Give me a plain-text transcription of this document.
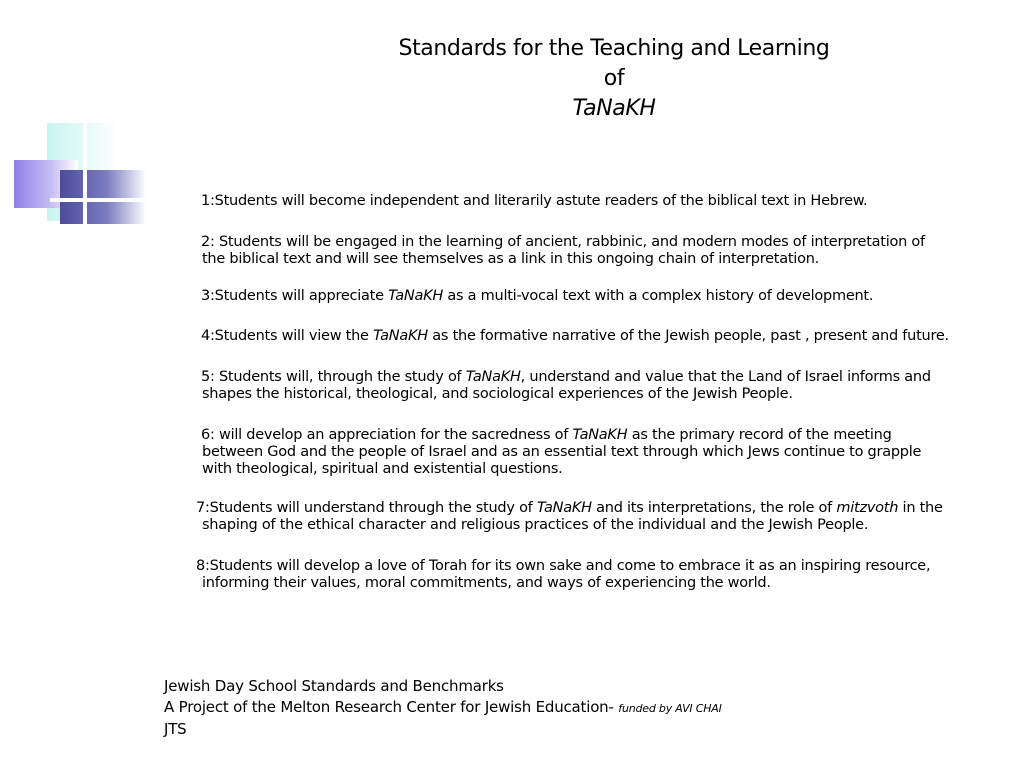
Standards for the Teaching and Learning
of
TaNaKH
1:Students will become independent and literarily astute readers of the biblical text in Hebrew.
2: Students will be engaged in the learning of ancient, rabbinic, and modern modes of interpretation of
the biblical text and will see themselves as a link in this ongoing chain of interpretation.
3:Students will appreciate TaNaKH as a multi-vocal text with a complex history of development.
4:Students will view the TaNaKH as the formative narrative of the Jewish people, past , present and future.
5: Students will, through the study of TaNaKH, understand and value that the Land of Israel informs and
shapes the historical, theological, and sociological experiences of the Jewish People.
6: will develop an appreciation for the sacredness of TaNaKH as the primary record of the meeting
between God and the people of Israel and as an essential text through which Jews continue to grapple
with theological, spiritual and existential questions.
7:Students will understand through the study of TaNaKH and its interpretations, the role of mitzvoth in the
shaping of the ethical character and religious practices of the individual and the Jewish People.
8:Students will develop a love of Torah for its own sake and come to embrace it as an inspiring resource,
informing their values, moral commitments, and ways of experiencing the world.
Jewish Day School Standards and Benchmarks
A Project of the Melton Research Center for Jewish Education- funded by AVI CHAI
JTS
